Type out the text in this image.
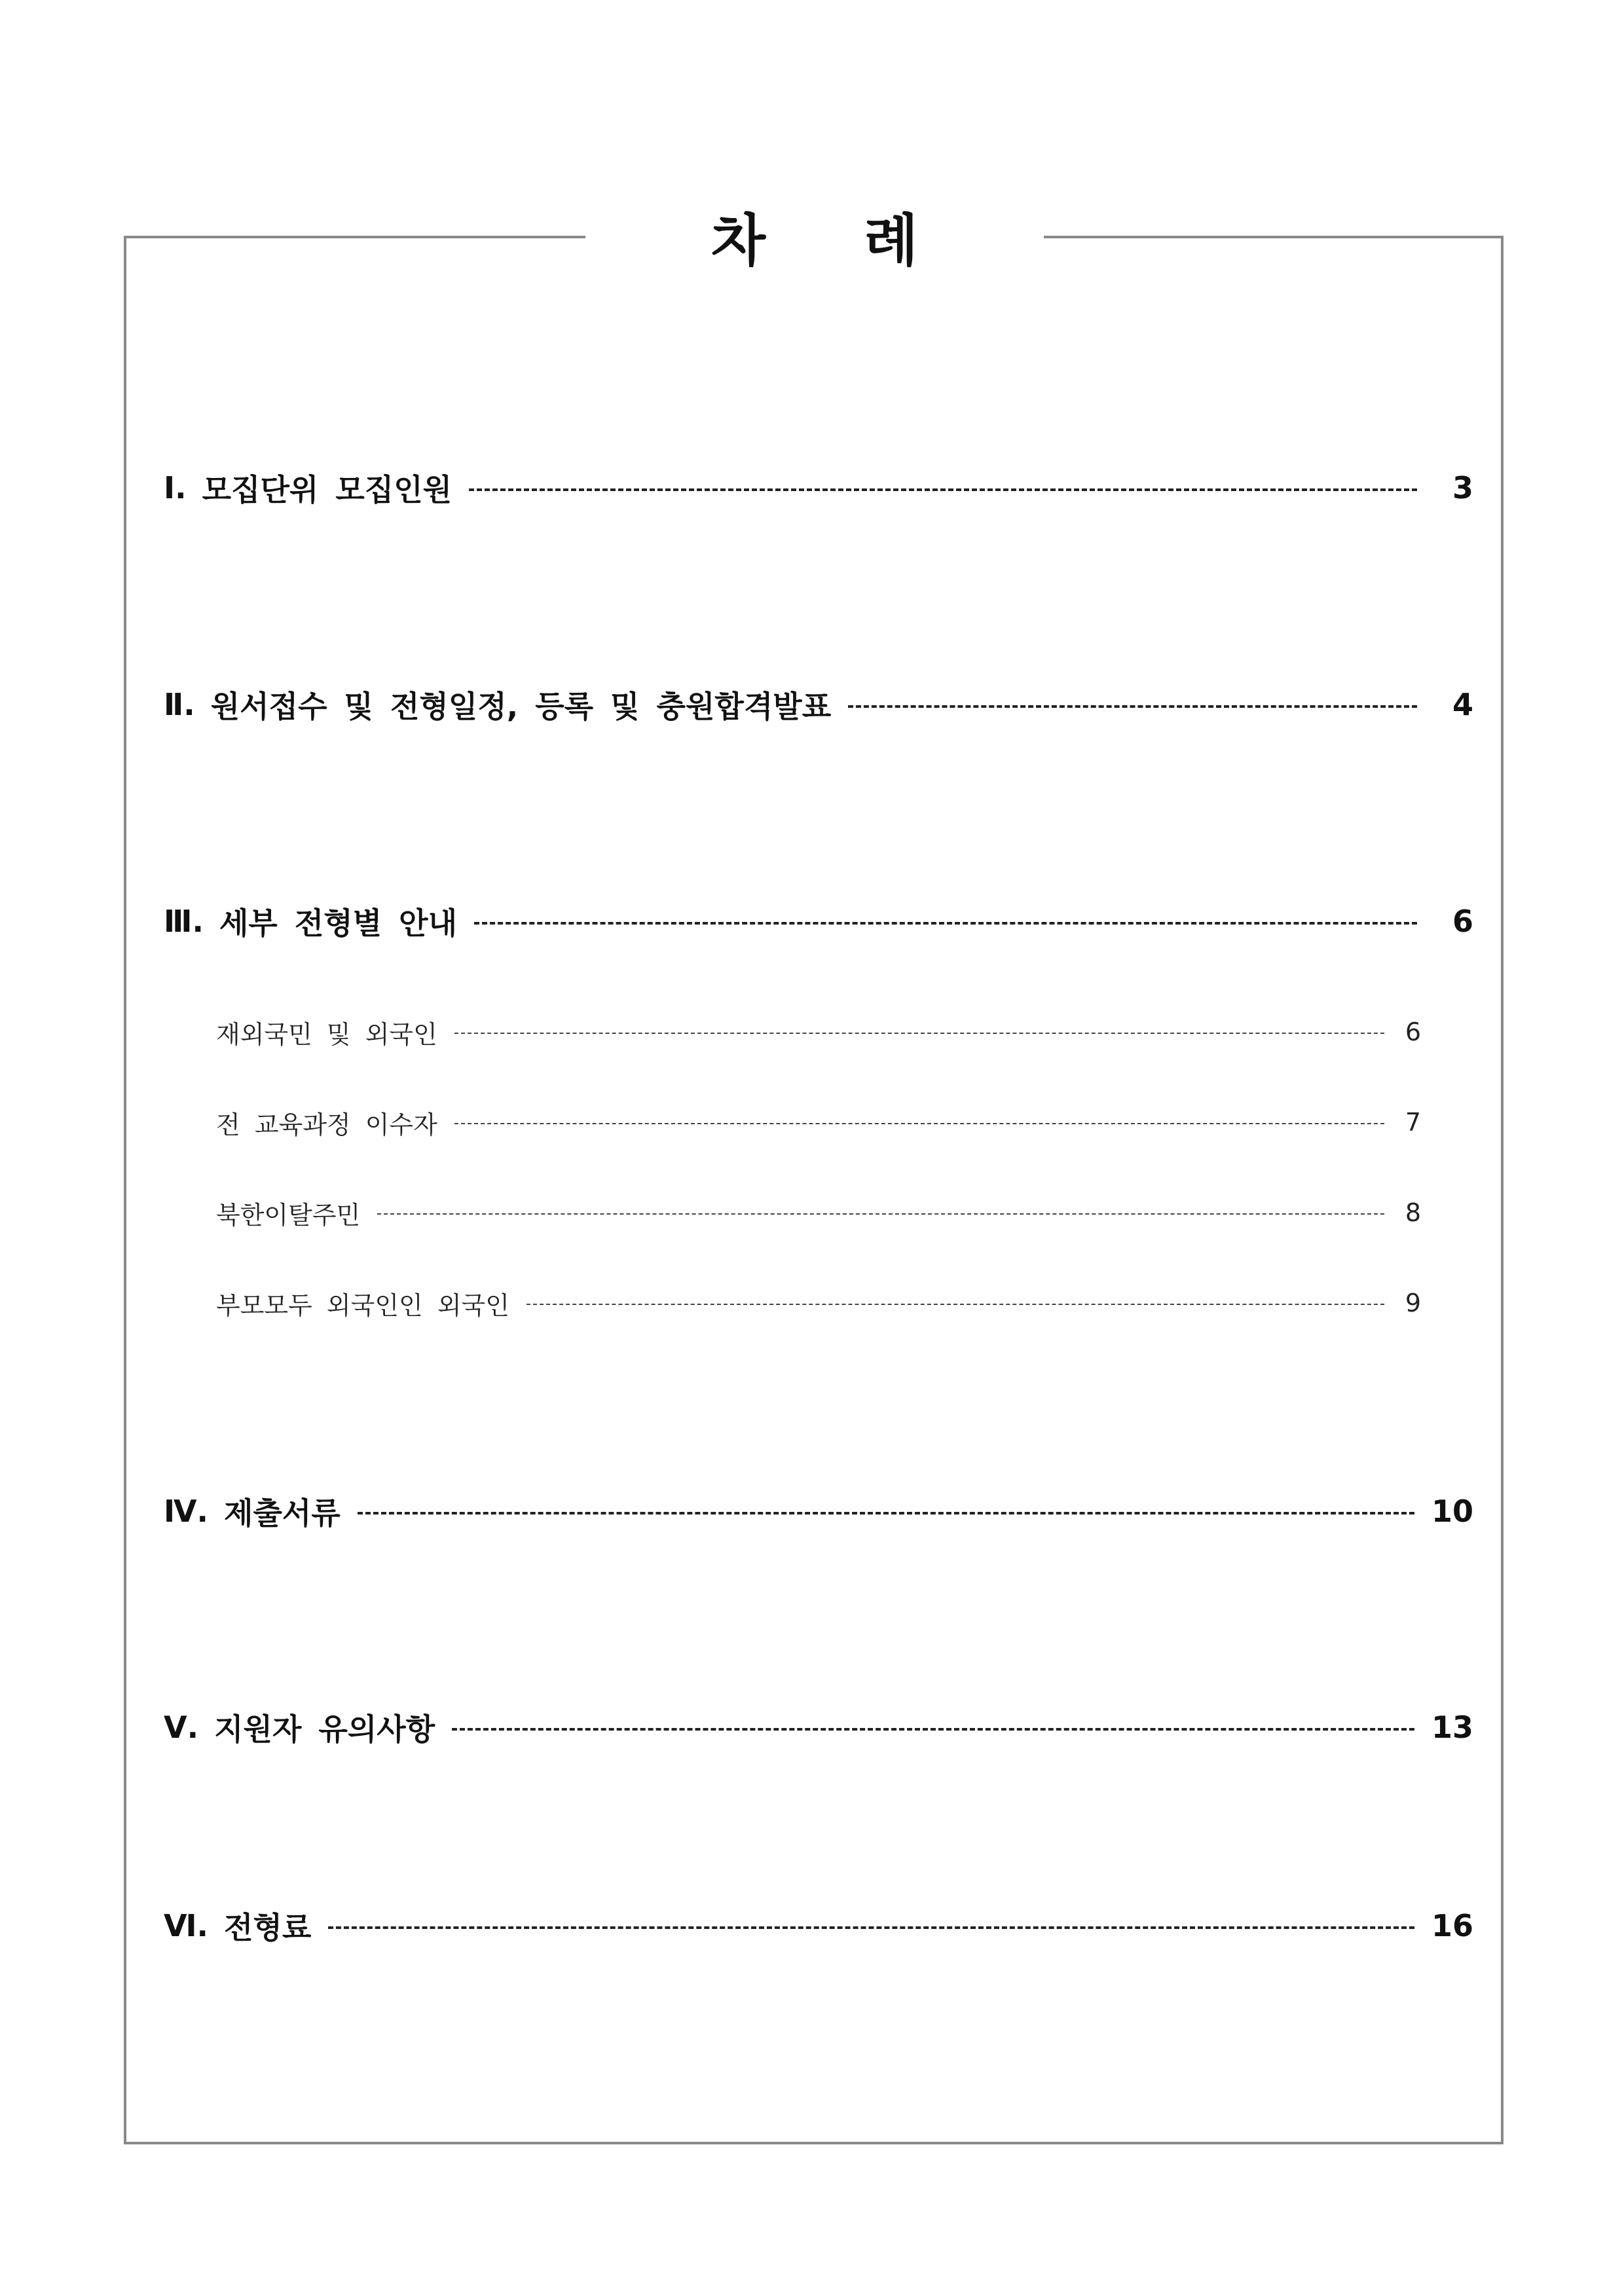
차 례
Ⅰ. 모집단위 모집인원	3
Ⅱ. 원서접수 및 전형일정, 등록 및 충원합격발표	4
Ⅲ. 세부 전형별 안내	6
재외국민 및 외국인	6
전 교육과정 이수자	7
북한이탈주민	8
부모모두 외국인인 외국인	9
Ⅳ. 제출서류	10
Ⅴ. 지원자 유의사항	13
Ⅵ. 전형료	16
